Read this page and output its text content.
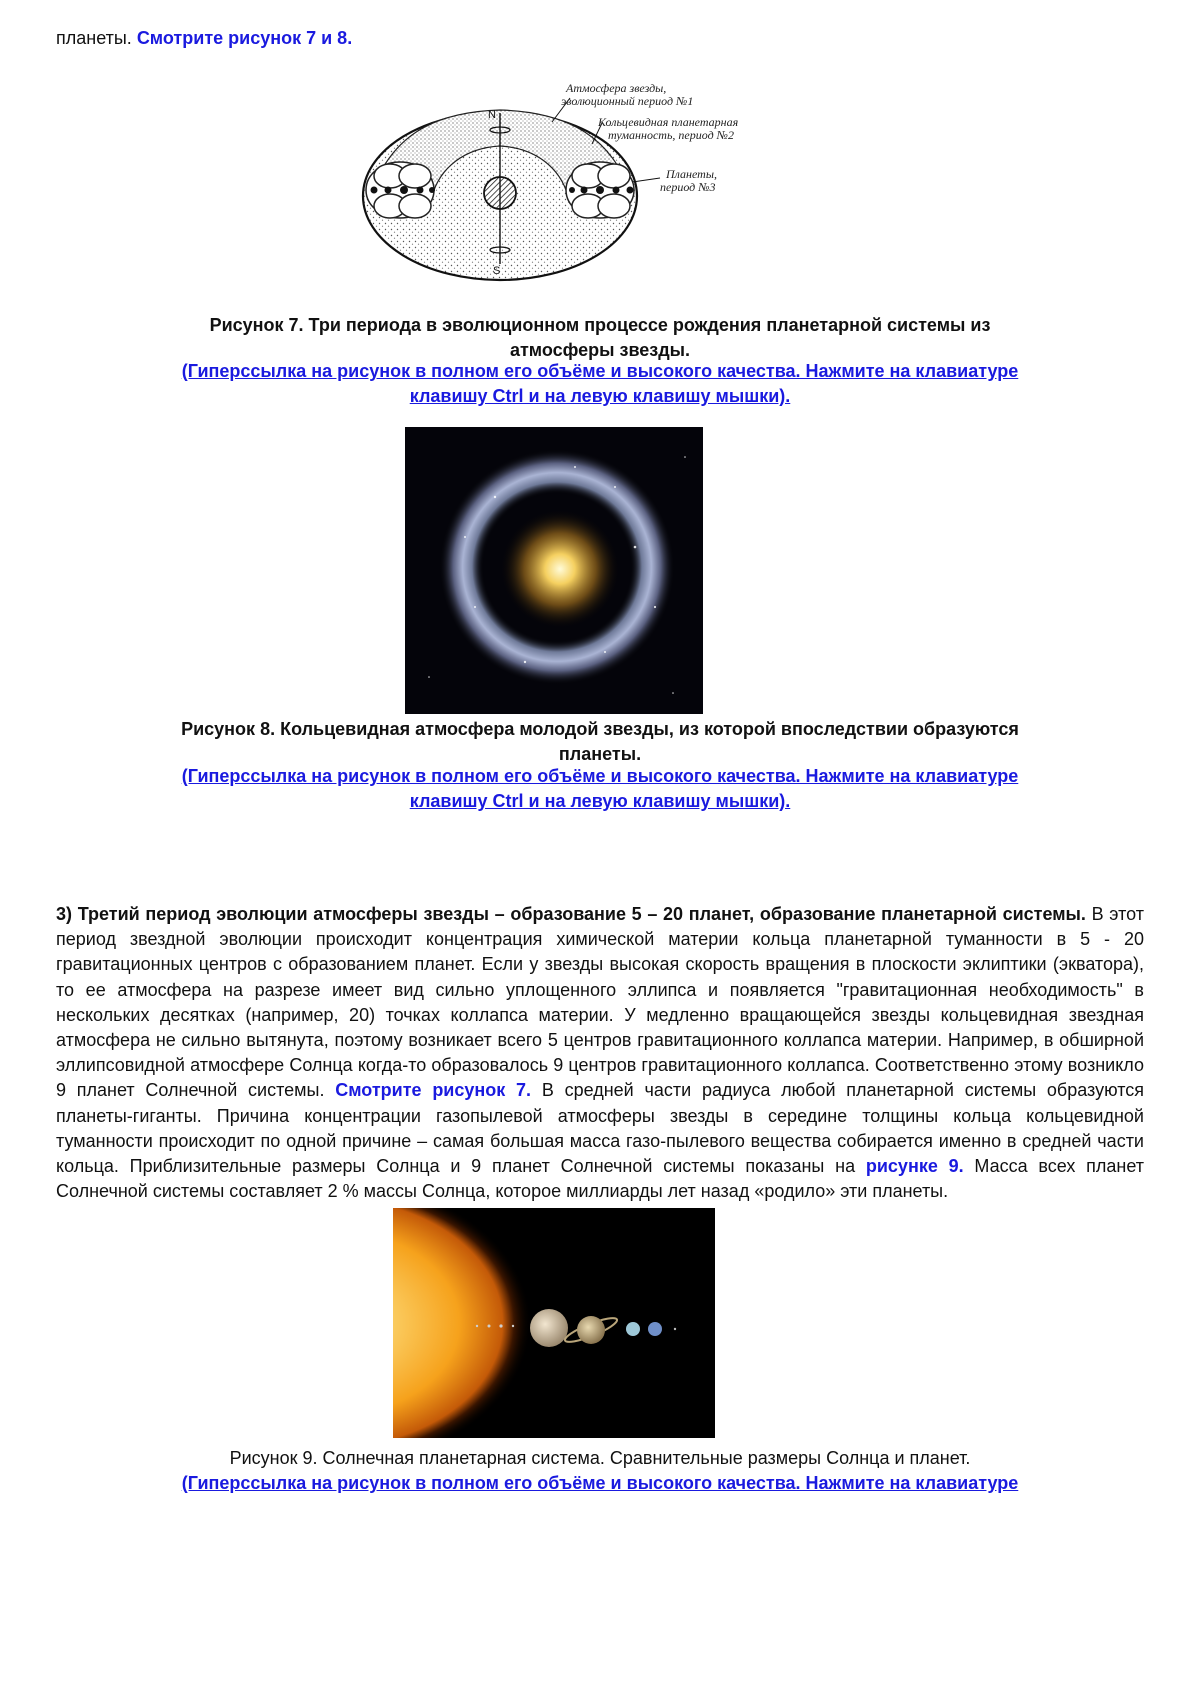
планеты. Смотрите рисунок 7 и 8.
N
S
Атмосфера звезды,
эволюционный период №1
Кольцевидная планетарная
туманность, период №2
Планеты,
период №3
Рисунок 7. Три периода в эволюционном процессе рождения планетарной системы из
атмосферы звезды.
(Гиперссылка на рисунок в полном его объёме и высокого качества. Нажмите на клавиатуре
клавишу Ctrl и на левую клавишу мышки).
Рисунок 8. Кольцевидная атмосфера молодой звезды, из которой впоследствии образуются
планеты.
(Гиперссылка на рисунок в полном его объёме и высокого качества. Нажмите на клавиатуре
клавишу Ctrl и на левую клавишу мышки).
3) Третий период эволюции атмосферы звезды – образование 5 – 20 планет, образование планетарной системы. В этот период звездной эволюции происходит концентрация химической материи кольца планетарной туманности в 5 - 20 гравитационных центров с образованием планет. Если у звезды высокая скорость вращения в плоскости эклиптики (экватора), то ее атмосфера на разрезе имеет вид сильно уплощенного эллипса и появляется "гравитационная необходимость" в нескольких десятках (например, 20) точках коллапса материи. У медленно вращающейся звезды кольцевидная звездная атмосфера не сильно вытянута, поэтому возникает всего 5 центров гравитационного коллапса материи. Например, в обширной эллипсовидной атмосфере Солнца когда-то образовалось 9 центров гравитационного коллапса. Соответственно этому возникло 9 планет Солнечной системы. Смотрите рисунок 7. В средней части радиуса любой планетарной системы образуются планеты-гиганты. Причина концентрации газопылевой атмосферы звезды в середине толщины кольца кольцевидной туманности происходит по одной причине – самая большая масса газо-пылевого вещества собирается именно в средней части кольца. Приблизительные размеры Солнца и 9 планет Солнечной системы показаны на рисунке 9. Масса всех планет Солнечной системы составляет 2 % массы Солнца, которое миллиарды лет назад «родило» эти планеты.
Рисунок 9. Солнечная планетарная система. Сравнительные размеры Солнца и планет.
(Гиперссылка на рисунок в полном его объёме и высокого качества. Нажмите на клавиатуре
